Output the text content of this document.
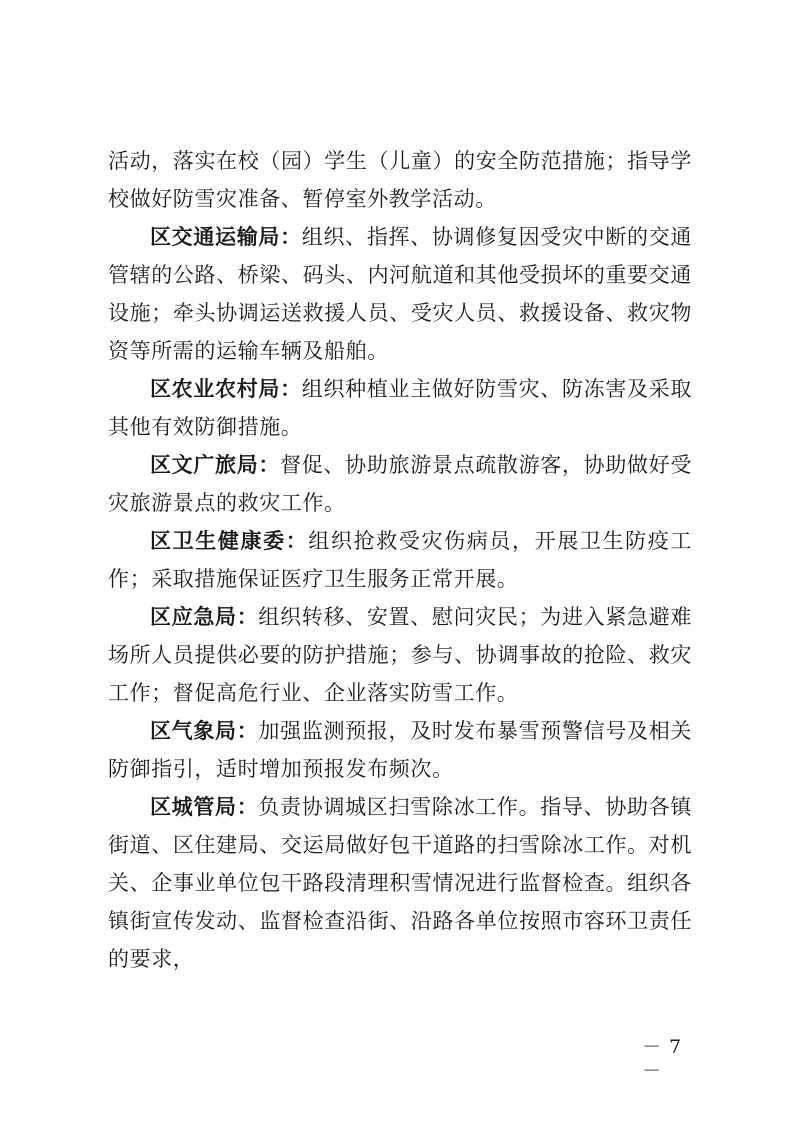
活动，落实在校（园）学生（儿童）的安全防范措施；指导学校做好防雪灾准备、暂停室外教学活动。

区交通运输局：组织、指挥、协调修复因受灾中断的交通管辖的公路、桥梁、码头、内河航道和其他受损坏的重要交通设施；牵头协调运送救援人员、受灾人员、救援设备、救灾物资等所需的运输车辆及船舶。

区农业农村局：组织种植业主做好防雪灾、防冻害及采取其他有效防御措施。

区文广旅局：督促、协助旅游景点疏散游客，协助做好受灾旅游景点的救灾工作。

区卫生健康委：组织抢救受灾伤病员，开展卫生防疫工作；采取措施保证医疗卫生服务正常开展。

区应急局：组织转移、安置、慰问灾民；为进入紧急避难场所人员提供必要的防护措施；参与、协调事故的抢险、救灾工作；督促高危行业、企业落实防雪工作。

区气象局：加强监测预报，及时发布暴雪预警信号及相关防御指引，适时增加预报发布频次。

区城管局：负责协调城区扫雪除冰工作。指导、协助各镇街道、区住建局、交运局做好包干道路的扫雪除冰工作。对机关、企事业单位包干路段清理积雪情况进行监督检查。组织各镇街宣传发动、监督检查沿街、沿路各单位按照市容环卫责任的要求，

－ 7 －
